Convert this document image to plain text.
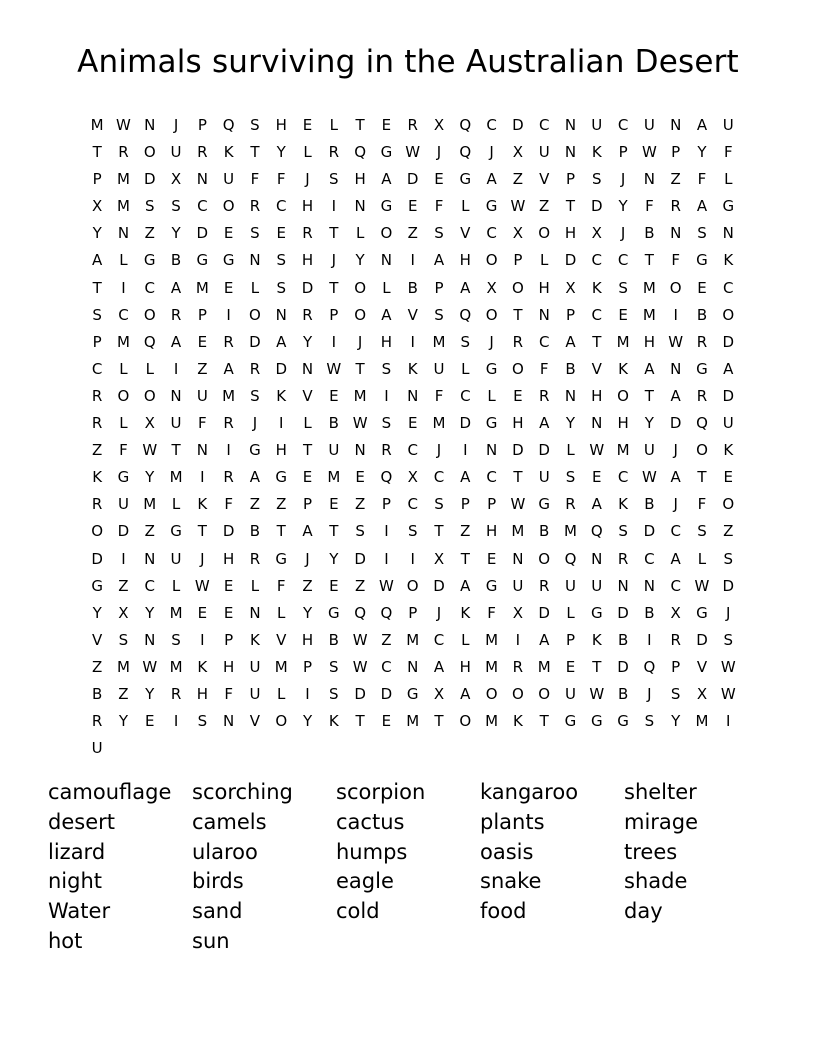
Animals surviving in the Australian Desert
M W N	J	P	Q	S	H	E	L	T	E	R	X	Q	C	D	C	N	U	C	U	N	A	U
T	R	O U	R	K	T	Y	L	R	Q G W	J	Q	J	X	U	N	K	P W P	Y	F
P	M D	X	N	U	F	F	J	S	H	A	D	E	G	A	Z	V	P	S	J	N	Z	F	L
X M	S	S	C	O	R	C	H	I	N G	E	F	L	G W Z	T	D	Y	F	R	A	G
Y	N	Z	Y	D	E	S	E	R	T	L	O	Z	S	V	C	X	O H	X	J	B	N	S	N
A	L	G	B	G G N	S	H	J	Y	N	I	A	H O	P	L	D	C	C	T	F	G	K
T	I	C	A M	E	L	S	D	T	O	L	B	P	A	X	O H	X	K	S	M O	E	C
S	C	O	R	P	I	O N	R	P	O	A	V	S	Q O	T	N	P	C	E	M	I	B	O
P	M Q	A	E	R	D	A	Y	I	J	H	I	M	S	J	R	C	A	T	M H W R	D
C	L	L	I	Z	A	R	D N W T	S	K	U	L	G O	F	B	V	K	A	N G	A
R	O O N	U M	S	K	V	E	M	I	N	F	C	L	E	R	N	H O	T	A	R	D
R	L	X	U	F	R	J	I	L	B W S	E	M D G H	A	Y	N	H	Y	D Q U
Z	F W T	N	I	G H	T	U	N	R	C	J	I	N D D	L W M U	J	O	K
K	G	Y	M	I	R	A	G	E	M	E	Q	X	C	A	C	T	U	S	E	C W A	T	E
R	U M	L	K	F	Z	Z	P	E	Z	P	C	S	P	P W G	R	A	K	B	J	F	O
O D	Z	G	T	D	B	T	A	T	S	I	S	T	Z	H M B M Q	S	D	C	S	Z
D	I	N	U	J	H	R	G	J	Y	D	I	I	X	T	E	N O Q N	R	C	A	L	S
G	Z	C	L W E	L	F	Z	E	Z W O D	A	G	U	R	U	U	N	N	C W D
Y	X	Y	M	E	E	N	L	Y	G Q Q	P	J	K	F	X	D	L	G D	B	X	G	J
V	S	N	S	I	P	K	V	H	B W Z M C	L	M	I	A	P	K	B	I	R	D	S
Z M W M K	H	U M	P	S W C	N	A	H M R M	E	T	D Q	P	V W
B	Z	Y	R	H	F	U	L	I	S	D D G	X	A	O O O U W B	J	S	X W
R	Y	E	I	S	N	V	O	Y	K	T	E	M	T	O M K	T	G G G	S	Y	M	I
U
camouflage scorching	scorpion	kangaroo	shelter
desert	camels	cactus	plants	mirage
lizard	ularoo	humps	oasis	trees
night	birds	eagle	snake	shade
Water	sand	cold	food	day
hot	sun
